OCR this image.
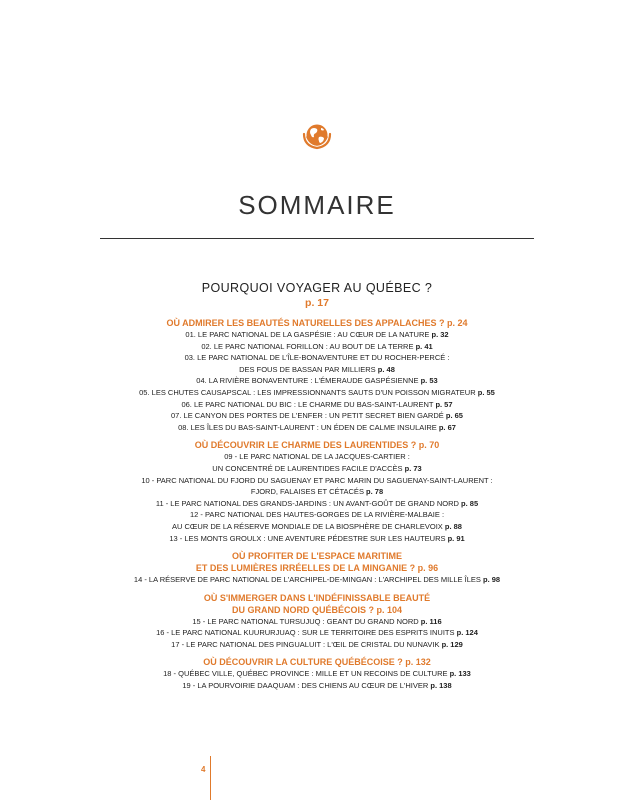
SOMMAIRE
POURQUOI VOYAGER AU QUÉBEC ?
p. 17
OÙ ADMIRER LES BEAUTÉS NATURELLES DES APPALACHES ? p. 24
01. LE PARC NATIONAL DE LA GASPÉSIE : AU CŒUR DE LA NATURE p. 32
02. LE PARC NATIONAL FORILLON : AU BOUT DE LA TERRE p. 41
03. LE PARC NATIONAL DE L'ÎLE-BONAVENTURE ET DU ROCHER-PERCÉ :
DES FOUS DE BASSAN PAR MILLIERS p. 48
04. LA RIVIÈRE BONAVENTURE : L'ÉMERAUDE GASPÉSIENNE p. 53
05. LES CHUTES CAUSAPSCAL : LES IMPRESSIONNANTS SAUTS D'UN POISSON MIGRATEUR p. 55
06. LE PARC NATIONAL DU BIC : LE CHARME DU BAS-SAINT-LAURENT p. 57
07. LE CANYON DES PORTES DE L'ENFER : UN PETIT SECRET BIEN GARDÉ p. 65
08. LES ÎLES DU BAS-SAINT-LAURENT : UN ÉDEN DE CALME INSULAIRE p. 67
OÙ DÉCOUVRIR LE CHARME DES LAURENTIDES ? p. 70
09 - LE PARC NATIONAL DE LA JACQUES-CARTIER :
UN CONCENTRÉ DE LAURENTIDES FACILE D'ACCÈS p. 73
10 - PARC NATIONAL DU FJORD DU SAGUENAY ET PARC MARIN DU SAGUENAY-SAINT-LAURENT :
FJORD, FALAISES ET CÉTACÉS p. 78
11 - LE PARC NATIONAL DES GRANDS-JARDINS : UN AVANT-GOÛT DE GRAND NORD p. 85
12 - PARC NATIONAL DES HAUTES-GORGES DE LA RIVIÈRE-MALBAIE :
AU CŒUR DE LA RÉSERVE MONDIALE DE LA BIOSPHÈRE DE CHARLEVOIX p. 88
13 - LES MONTS GROULX : UNE AVENTURE PÉDESTRE SUR LES HAUTEURS p. 91
OÙ PROFITER DE L'ESPACE MARITIME
ET DES LUMIÈRES IRRÉELLES DE LA MINGANIE ? p. 96
14 - LA RÉSERVE DE PARC NATIONAL DE L'ARCHIPEL-DE-MINGAN : L'ARCHIPEL DES MILLE ÎLES p. 98
OÙ S'IMMERGER DANS L'INDÉFINISSABLE BEAUTÉ
DU GRAND NORD QUÉBÉCOIS ? p. 104
15 - LE PARC NATIONAL TURSUJUQ : GEANT DU GRAND NORD p. 116
16 - LE PARC NATIONAL KUURURJUAQ : SUR LE TERRITOIRE DES ESPRITS INUITS p. 124
17 - LE PARC NATIONAL DES PINGUALUIT : L'ŒIL DE CRISTAL DU NUNAVIK p. 129
OÙ DÉCOUVRIR LA CULTURE QUÉBÉCOISE ? p. 132
18 - QUÉBEC VILLE, QUÉBEC PROVINCE : MILLE ET UN RECOINS DE CULTURE p. 133
19 - LA POURVOIRIE DAAQUAM : DES CHIENS AU CŒUR DE L'HIVER p. 138
4
